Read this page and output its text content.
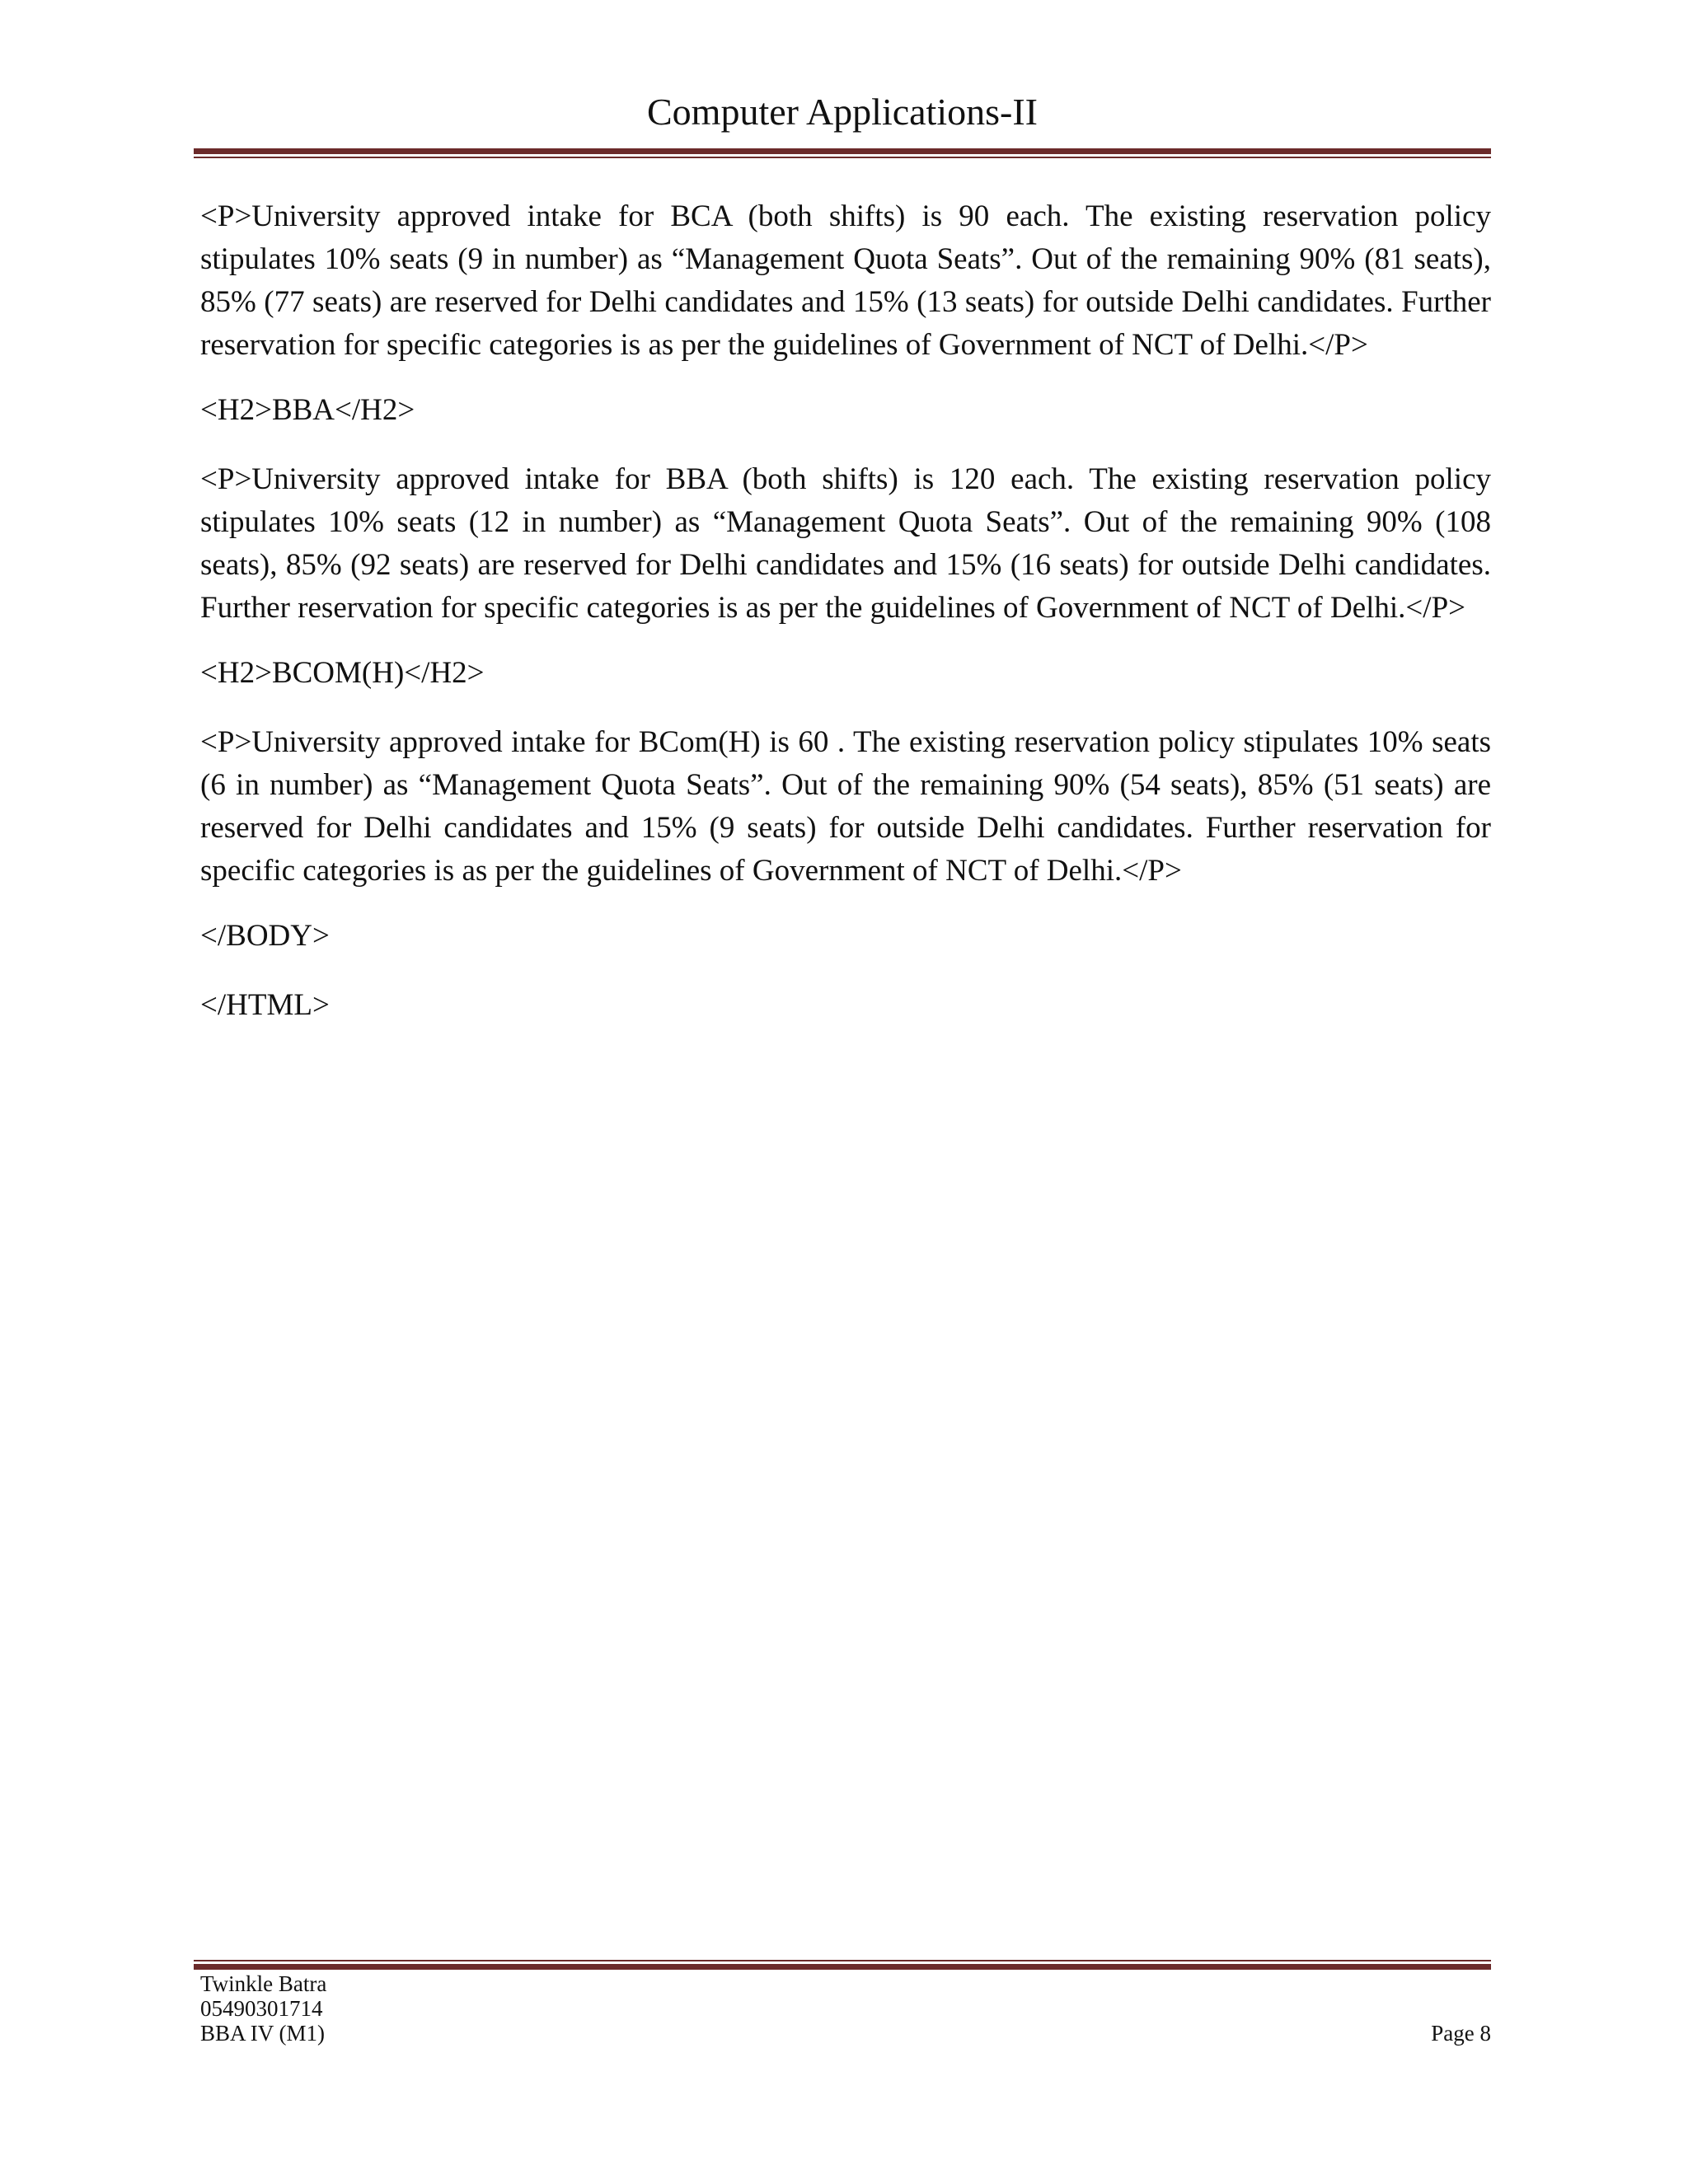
Computer Applications-II

<P>University approved intake for BCA (both shifts) is 90 each. The existing reservation policy stipulates 10% seats (9 in number) as “Management Quota Seats”. Out of the remaining 90% (81 seats), 85% (77 seats) are reserved for Delhi candidates and 15% (13 seats) for outside Delhi candidates. Further reservation for specific categories is as per the guidelines of Government of NCT of Delhi.</P>

<H2>BBA</H2>

<P>University approved intake for BBA (both shifts) is 120 each. The existing reservation policy stipulates 10% seats (12 in number) as “Management Quota Seats”. Out of the remaining 90% (108 seats), 85% (92 seats) are reserved for Delhi candidates and 15% (16 seats) for outside Delhi candidates. Further reservation for specific categories is as per the guidelines of Government of NCT of Delhi.</P>

<H2>BCOM(H)</H2>

<P>University approved intake for BCom(H) is 60 . The existing reservation policy stipulates 10% seats (6 in number) as “Management Quota Seats”. Out of the remaining 90% (54 seats), 85% (51 seats) are reserved for Delhi candidates and 15% (9 seats) for outside Delhi candidates. Further reservation for specific categories is as per the guidelines of Government of NCT of Delhi.</P>

</BODY>

</HTML>

Twinkle Batra
05490301714
BBA IV (M1)	Page 8
